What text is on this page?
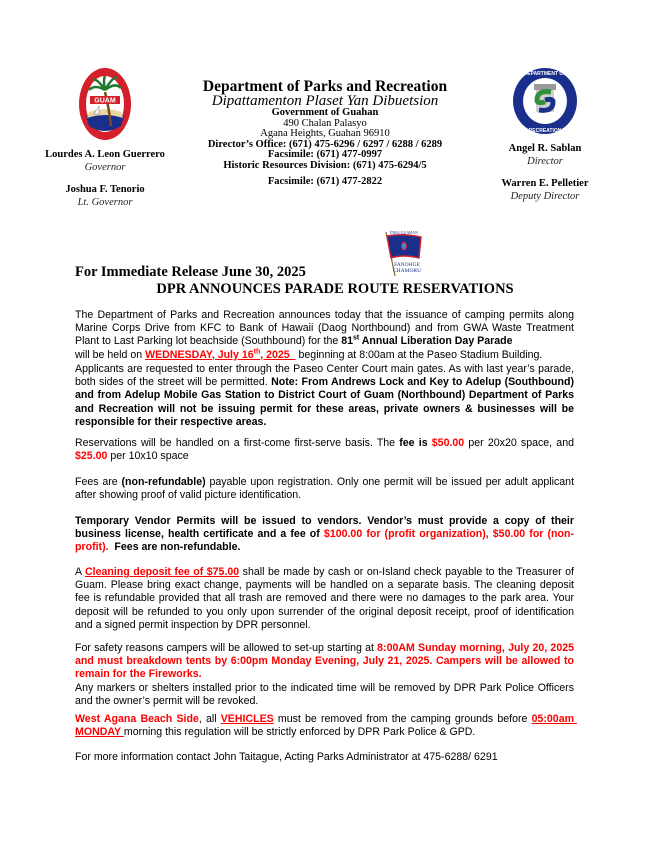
GUAM
Lourdes A. Leon Guerrero
Governor
Joshua F. Tenorio
Lt. Governor
Department of Parks and Recreation
Dipattamenton Plaset Yan Dibuetsion
Government of Guahan
490 Chalan Palasyo
Agana Heights, Guahan 96910
Director’s Office: (671) 475-6296 / 6297 / 6288 / 6289
Facsimile: (671) 477-0997
Historic Resources Division: (671) 475-6294/5
Facsimile: (671) 477-2822
DEPARTMENT OF
RECREATION
Angel R. Sablan
Director
Warren E. Pelletier
Deputy Director
ÍNRA GUAHAN
FANOHGE
CHAMORU
For Immediate Release June 30, 2025
DPR ANNOUNCES PARADE ROUTE RESERVATIONS
The Department of Parks and Recreation announces today that the issuance of camping permits along Marine Corps Drive from KFC to Bank of Hawaii (Daog Northbound) and from GWA Waste Treatment Plant to Last Parking lot beachside (Southbound) for the 81st Annual Liberation Day Parade
will be held on WEDNESDAY, July 16th, 2025   beginning at 8:00am at the Paseo Stadium Building.
Applicants are requested to enter through the Paseo Center Court main gates. As with last year’s parade, both sides of the street will be permitted. Note: From Andrews Lock and Key to Adelup (Southbound) and from Adelup Mobile Gas Station to District Court of Guam (Northbound) Department of Parks and Recreation will not be issuing permit for these areas, private owners & businesses will be responsible for their respective areas.
Reservations will be handled on a first-come first-serve basis. The fee is $50.00 per 20x20 space, and $25.00 per 10x10 space
Fees are (non-refundable) payable upon registration. Only one permit will be issued per adult applicant after showing proof of valid picture identification.
Temporary Vendor Permits will be issued to vendors. Vendor’s must provide a copy of their business license, health certificate and a fee of $100.00 for (profit organization), $50.00 for (non-profit).  Fees are non-refundable.
A Cleaning deposit fee of $75.00 shall be made by cash or on-Island check payable to the Treasurer of Guam. Please bring exact change, payments will be handled on a separate basis. The cleaning deposit fee is refundable provided that all trash are removed and there were no damages to the park area. Your deposit will be refunded to you only upon surrender of the original deposit receipt, proof of identification and a signed permit inspection by DPR personnel.
For safety reasons campers will be allowed to set-up starting at 8:00AM Sunday morning, July 20, 2025 and must breakdown tents by 6:00pm Monday Evening, July 21, 2025. Campers will be allowed to remain for the Fireworks.
Any markers or shelters installed prior to the indicated time will be removed by DPR Park Police Officers and the owner’s permit will be revoked.
West Agana Beach Side, all VEHICLES must be removed from the camping grounds before 05:00am MONDAY morning this regulation will be strictly enforced by DPR Park Police & GPD.
For more information contact John Taitague, Acting Parks Administrator at 475-6288/ 6291
